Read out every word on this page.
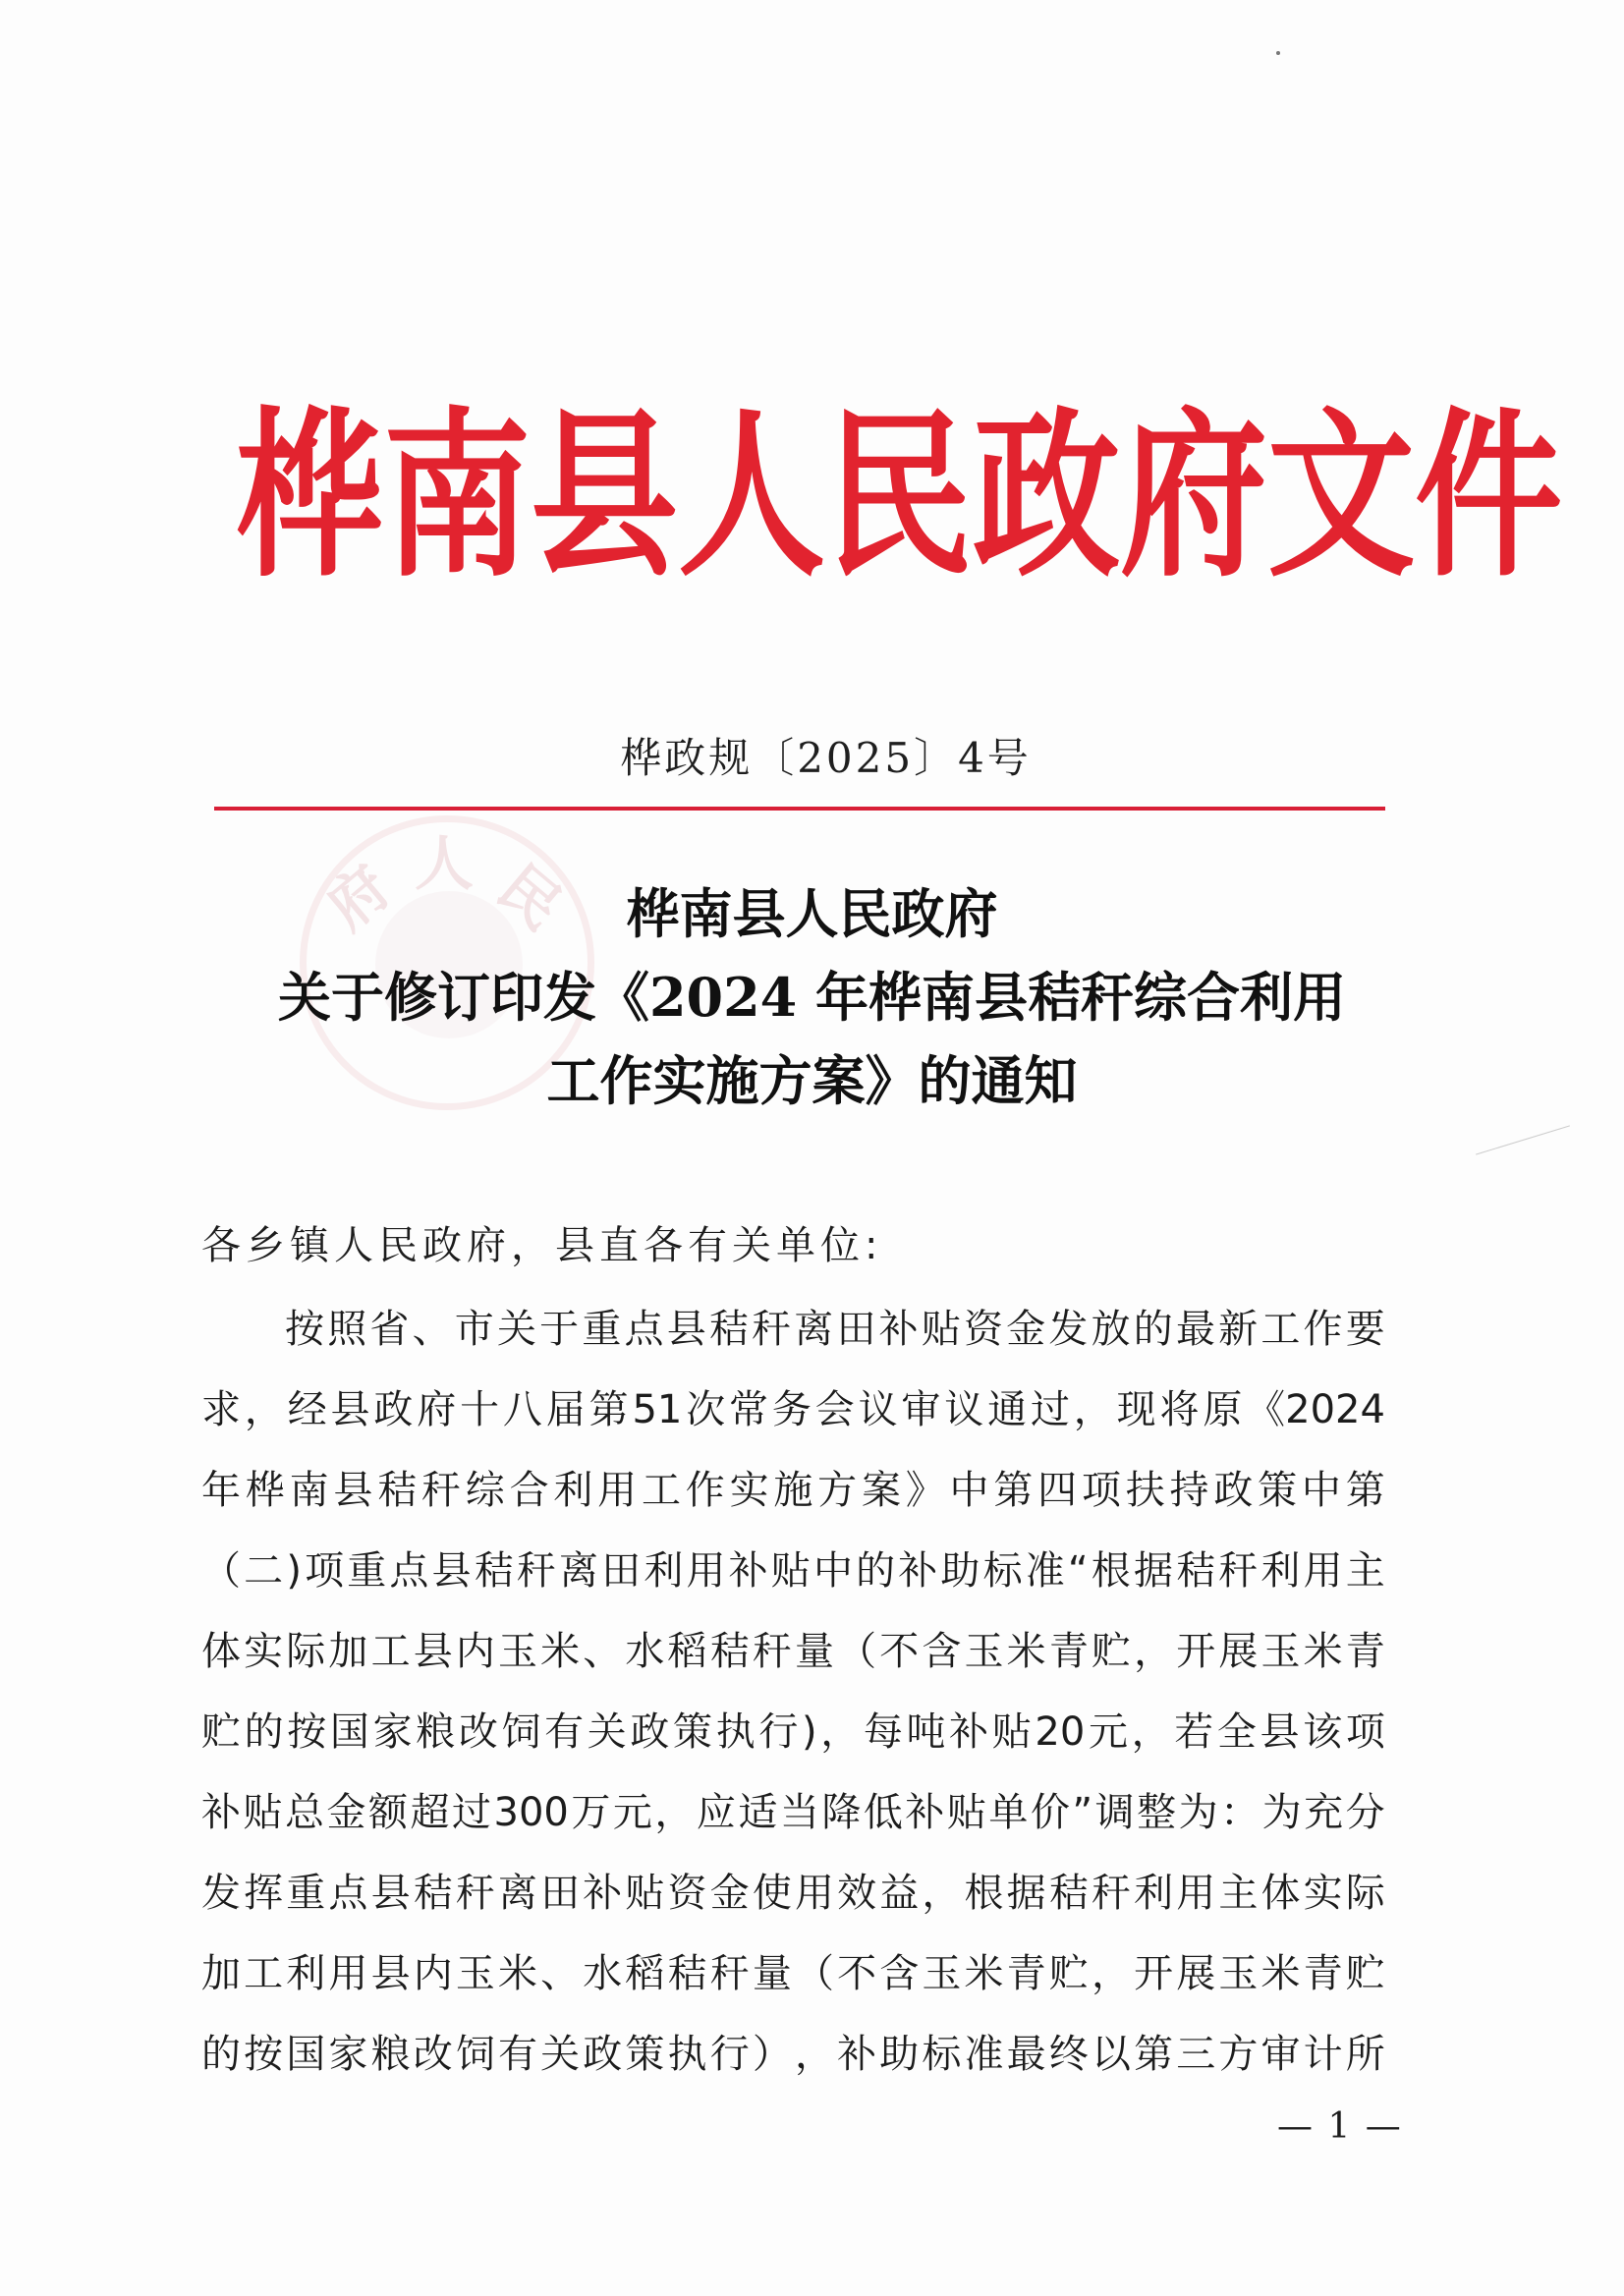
桦 南 县 人 民 政 府 文 件
桦政规〔2025〕4号
人 民
府	桦南县人民政府
关于修订印发《2024 年桦南县秸秆综合利用
工作实施方案》的通知
各乡镇人民政府，县直各有关单位:
按 照 省 、 市 关 于 重 点 县 秸 秆 离 田 补 贴 资 金 发 放 的 最 新 工 作 要
求 ， 经 县 政 府 十 八 届 第 51 次 常 务 会 议 审 议 通 过 ， 现 将 原 《2024
年 桦 南 县 秸 秆 综 合 利 用 工 作 实 施 方 案 》 中 第 四 项 扶 持 政 策 中 第
（ 二 ) 项 重 点 县 秸 秆 离 田 利 用 补 贴 中 的 补 助 标 准 “ 根 据 秸 秆 利 用 主
体 实 际 加 工 县 内 玉 米 、 水 稻 秸 秆 量 （ 不 含 玉 米 青 贮 ， 开 展 玉 米 青
贮 的 按 国 家 粮 改 饲 有 关 政 策 执 行 ) ， 每 吨 补 贴 20 元 ， 若 全 县 该 项
补 贴 总 金 额 超 过 300 万 元 ， 应 适 当 降 低 补 贴 单 价 ” 调 整 为 ： 为 充 分
发 挥 重 点 县 秸 秆 离 田 补 贴 资 金 使 用 效 益 ， 根 据 秸 秆 利 用 主 体 实 际
加 工 利 用 县 内 玉 米 、 水 稻 秸 秆 量 （ 不 含 玉 米 青 贮 ， 开 展 玉 米 青 贮
的 按 国 家 粮 改 饲 有 关 政 策 执 行 ） ， 补 助 标 准 最 终 以 第 三 方 审 计 所
— 1 —
